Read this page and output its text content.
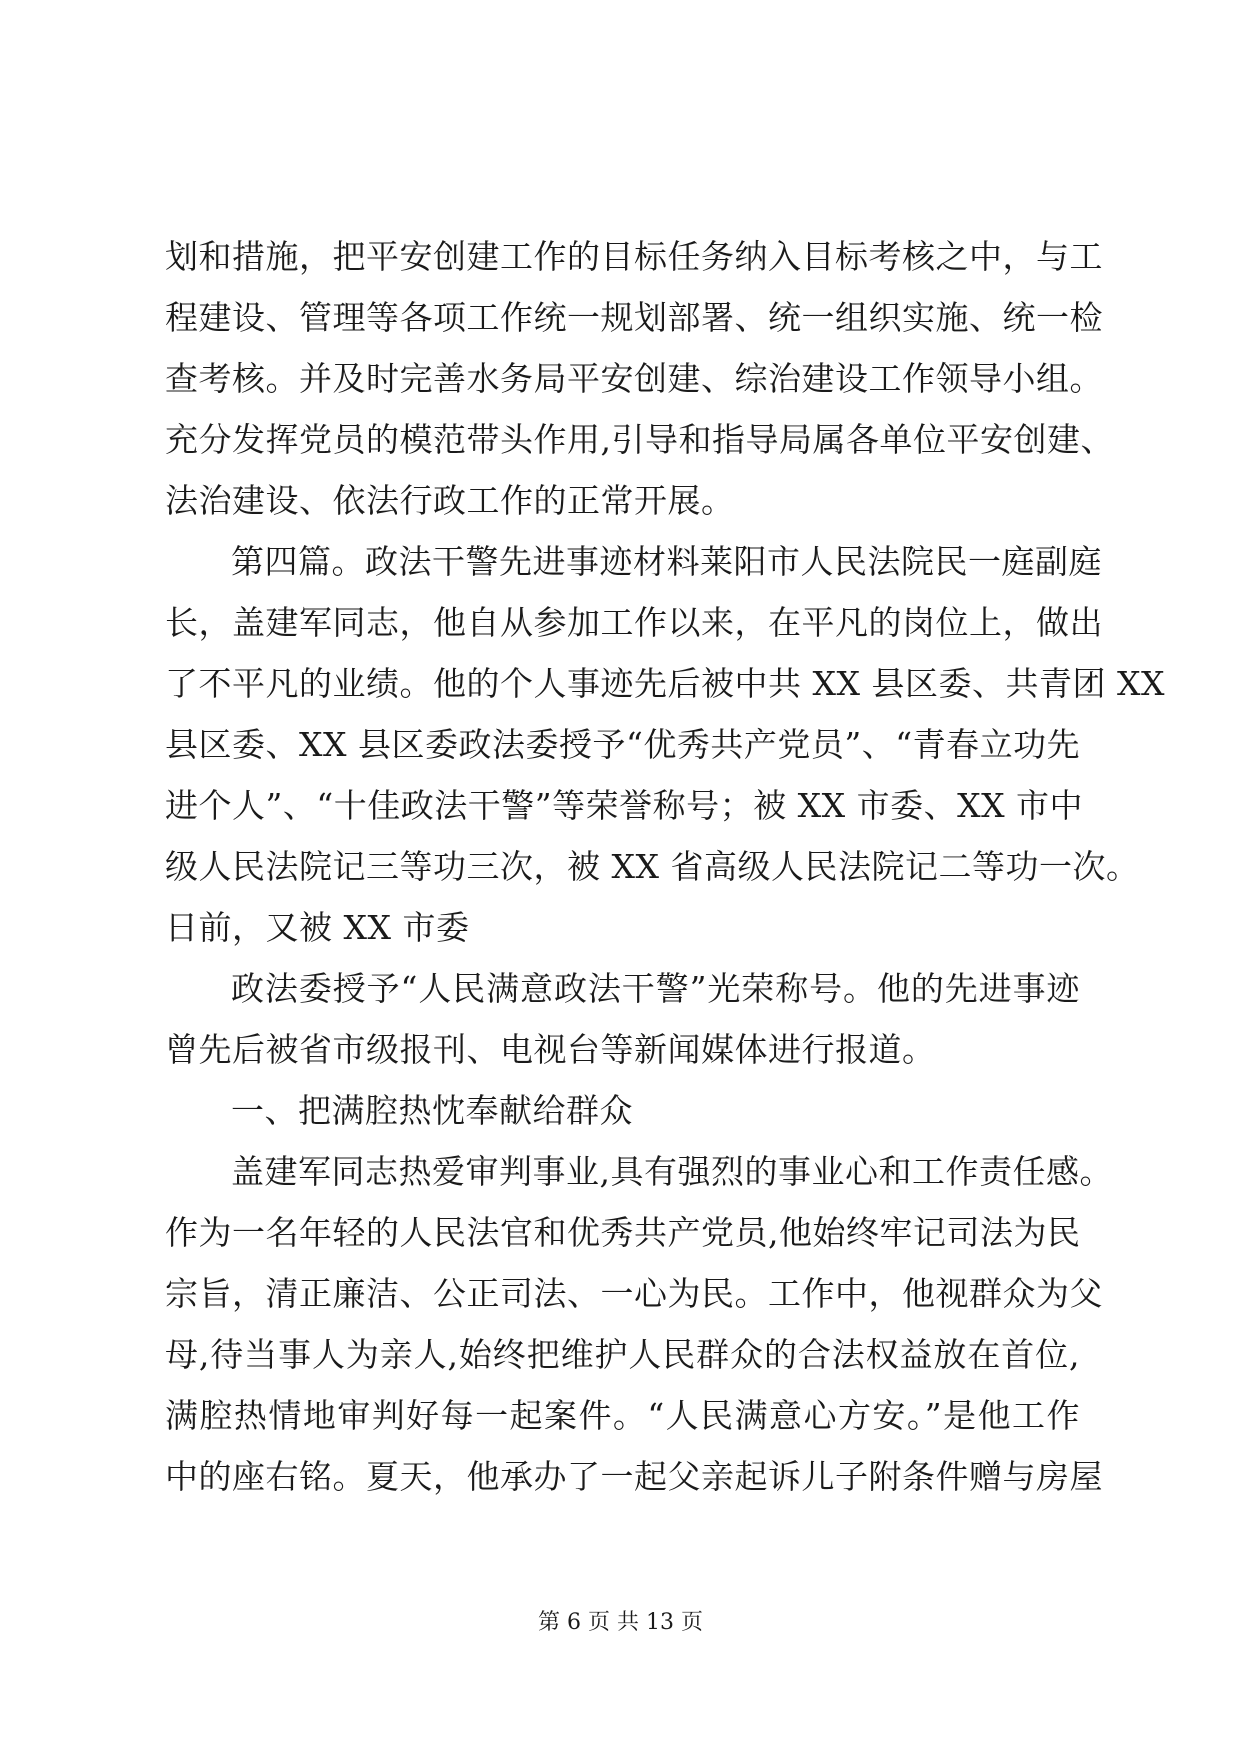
划和措施，把平安创建工作的目标任务纳入目标考核之中，与工
程建设、管理等各项工作统一规划部署、统一组织实施、统一检
查考核。并及时完善水务局平安创建、综治建设工作领导小组。
充分发挥党员的模范带头作用,引导和指导局属各单位平安创建、
法治建设、依法行政工作的正常开展。
第四篇。政法干警先进事迹材料莱阳市人民法院民一庭副庭
长，盖建军同志，他自从参加工作以来，在平凡的岗位上，做出
了不平凡的业绩。他的个人事迹先后被中共 XX 县区委、共青团 XX
县区委、XX 县区委政法委授予“优秀共产党员”、“青春立功先
进个人”、“十佳政法干警”等荣誉称号；被 XX 市委、XX 市中
级人民法院记三等功三次，被 XX 省高级人民法院记二等功一次。
日前，又被 XX 市委
政法委授予“人民满意政法干警”光荣称号。他的先进事迹
曾先后被省市级报刊、电视台等新闻媒体进行报道。
一、把满腔热忱奉献给群众
盖建军同志热爱审判事业,具有强烈的事业心和工作责任感。
作为一名年轻的人民法官和优秀共产党员,他始终牢记司法为民
宗旨，清正廉洁、公正司法、一心为民。工作中，他视群众为父
母,待当事人为亲人,始终把维护人民群众的合法权益放在首位,
满腔热情地审判好每一起案件。“人民满意心方安。”是他工作
中的座右铭。夏天，他承办了一起父亲起诉儿子附条件赠与房屋
第 6 页 共 13 页
